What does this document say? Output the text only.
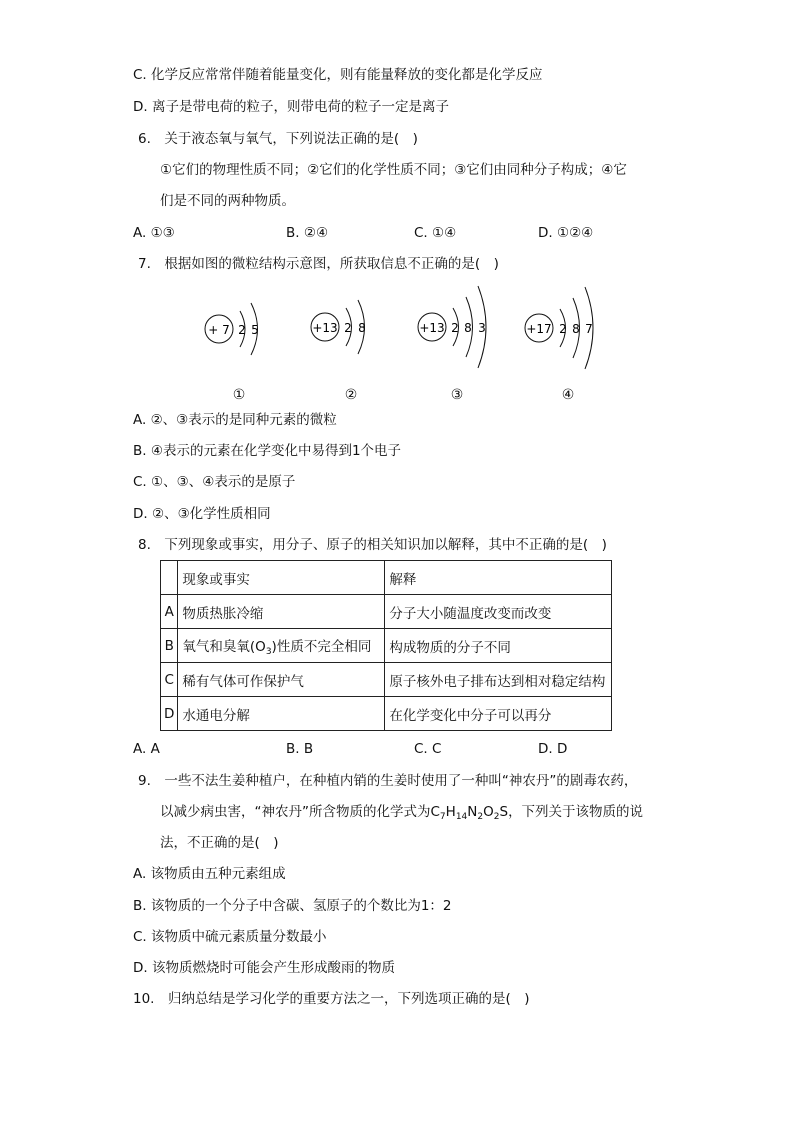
C. 化学反应常常伴随着能量变化，则有能量释放的变化都是化学反应
D. 离子是带电荷的粒子，则带电荷的粒子一定是离子
6.　关于液态氧与氧气，下列说法正确的是(　)
①它们的物理性质不同；②它们的化学性质不同；③它们由同种分子构成；④它
们是不同的两种物质。
A. ①③	B. ②④	C. ①④	D. ①②④
7.　根据如图的微粒结构示意图，所获取信息不正确的是(　)
+ 7 2 5
①
+13 2 8
②
+13 2 8 3
③
+17 2 8 7
④
A. ②、③表示的是同种元素的微粒
B. ④表示的元素在化学变化中易得到1个电子
C. ①、③、④表示的是原子
D. ②、③化学性质相同
8.　下列现象或事实，用分子、原子的相关知识加以解释，其中不正确的是(　)
	现象或事实	解释
A	物质热胀冷缩	分子大小随温度改变而改变
B	氧气和臭氧$(O_3)$性质不完全相同	构成物质的分子不同
C	稀有气体可作保护气	原子核外电子排布达到相对稳定结构
D	水通电分解	在化学变化中分子可以再分
A. A	B. B	C. C	D. D
9.　一些不法生姜种植户，在种植内销的生姜时使用了一种叫“神农丹”的剧毒农药，
以减少病虫害，“神农丹”所含物质的化学式为$C_7H_{14}N_2O_2S$，下列关于该物质的说
法，不正确的是(　)
A. 该物质由五种元素组成
B. 该物质的一个分子中含碳、氢原子的个数比为1：2
C. 该物质中硫元素质量分数最小
D. 该物质燃烧时可能会产生形成酸雨的物质
10.　归纳总结是学习化学的重要方法之一，下列选项正确的是(　)
